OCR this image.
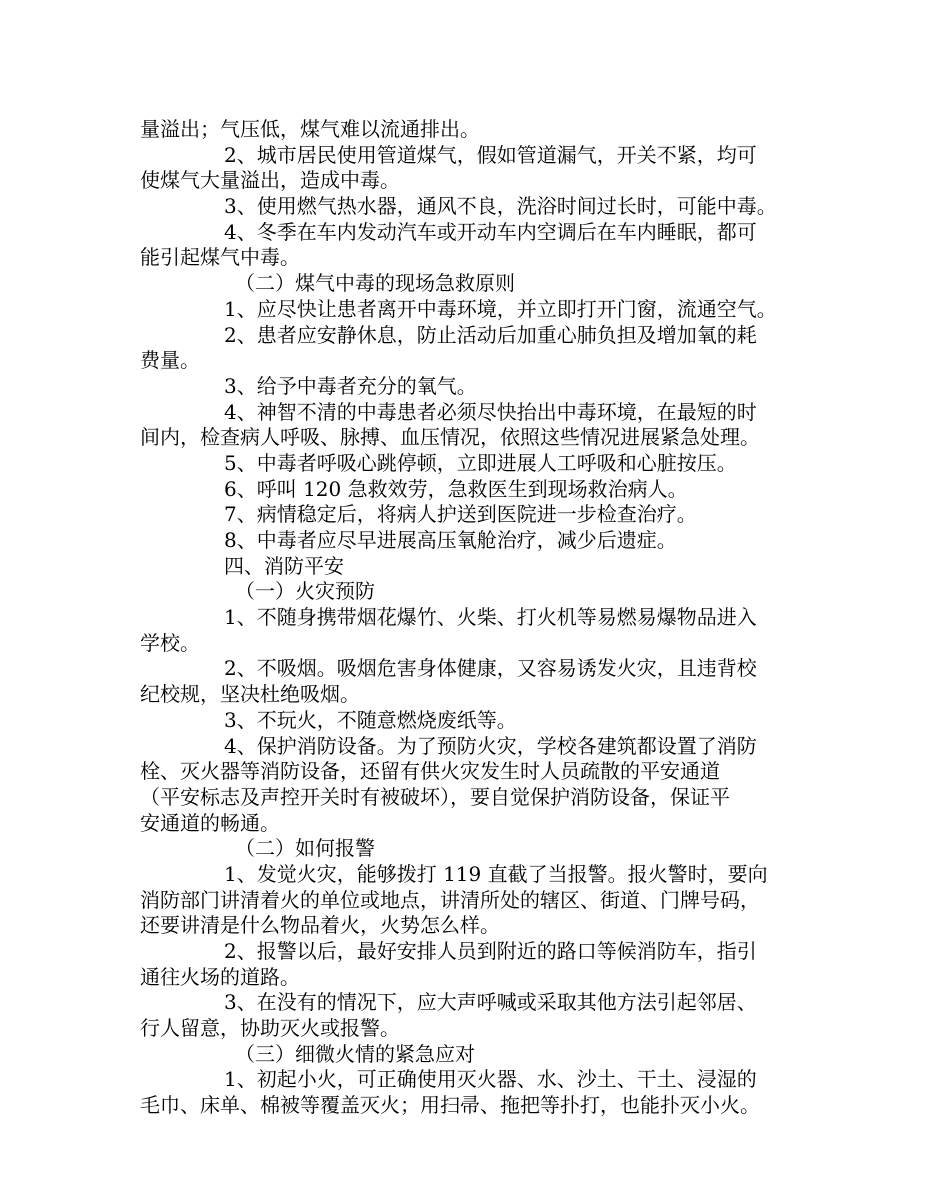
量溢出；气压低，煤气难以流通排出。

2、城市居民使用管道煤气，假如管道漏气，开关不紧，均可

使煤气大量溢出，造成中毒。

3、使用燃气热水器，通风不良，洗浴时间过长时，可能中毒。

4、冬季在车内发动汽车或开动车内空调后在车内睡眠，都可

能引起煤气中毒。

（二）煤气中毒的现场急救原则

1、应尽快让患者离开中毒环境，并立即打开门窗，流通空气。

2、患者应安静休息，防止活动后加重心肺负担及增加氧的耗

费量。

3、给予中毒者充分的氧气。

4、神智不清的中毒患者必须尽快抬出中毒环境，在最短的时

间内，检查病人呼吸、脉搏、血压情况，依照这些情况进展紧急处理。

5、中毒者呼吸心跳停顿，立即进展人工呼吸和心脏按压。

6、呼叫 120 急救效劳，急救医生到现场救治病人。

7、病情稳定后，将病人护送到医院进一步检查治疗。

8、中毒者应尽早进展高压氧舱治疗，减少后遗症。

四、消防平安

（一）火灾预防

1、不随身携带烟花爆竹、火柴、打火机等易燃易爆物品进入

学校。

2、不吸烟。吸烟危害身体健康，又容易诱发火灾，且违背校

纪校规，坚决杜绝吸烟。

3、不玩火，不随意燃烧废纸等。

4、保护消防设备。为了预防火灾，学校各建筑都设置了消防

栓、灭火器等消防设备，还留有供火灾发生时人员疏散的平安通道

（平安标志及声控开关时有被破坏），要自觉保护消防设备，保证平

安通道的畅通。

（二）如何报警

1、发觉火灾，能够拨打 119 直截了当报警。报火警时，要向

消防部门讲清着火的单位或地点，讲清所处的辖区、街道、门牌号码，

还要讲清是什么物品着火，火势怎么样。

2、报警以后，最好安排人员到附近的路口等候消防车，指引

通往火场的道路。

3、在没有的情况下，应大声呼喊或采取其他方法引起邻居、

行人留意，协助灭火或报警。

（三）细微火情的紧急应对

1、初起小火，可正确使用灭火器、水、沙土、干土、浸湿的

毛巾、床单、棉被等覆盖灭火；用扫帚、拖把等扑打，也能扑灭小火。
